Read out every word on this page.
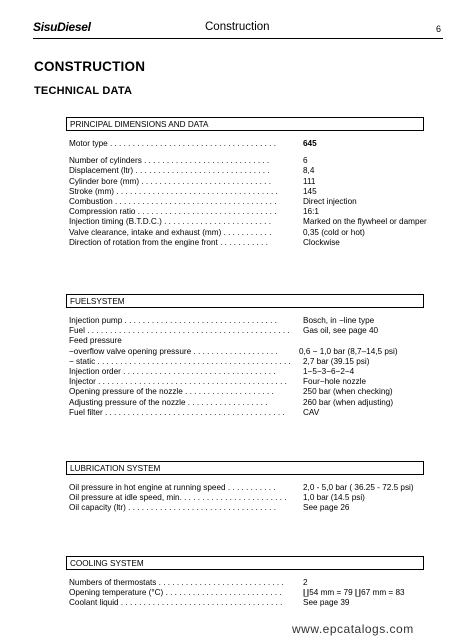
SisuDiesel	Construction	6
CONSTRUCTION
TECHNICAL DATA
PRINCIPAL DIMENSIONS AND DATA
Motor type . . . . . . . . . . . . . . . . . . . . . . . . . . . . . . . . . . . . .	645
Number of cylinders . . . . . . . . . . . . . . . . . . . . . . . . . . . .	6
Displacement (ltr) . . . . . . . . . . . . . . . . . . . . . . . . . . . . . .	8,4
Cylinder bore (mm) . . . . . . . . . . . . . . . . . . . . . . . . . . . . .	111
Stroke (mm) . . . . . . . . . . . . . . . . . . . . . . . . . . . . . . . . . . . .	145
Combustion . . . . . . . . . . . . . . . . . . . . . . . . . . . . . . . . . . . .	Direct injection
Compression ratio . . . . . . . . . . . . . . . . . . . . . . . . . . . . . . .	16:1
Injection timing (B.T.D.C.) . . . . . . . . . . . . . . . . . . . . . . . .	Marked on the flywheel or damper
Valve clearance, intake and exhaust (mm) . . . . . . . . . . .	0,35 (cold or hot)
Direction of rotation from the engine front . . . . . . . . . . .	Clockwise
FUELSYSTEM
Injection pump . . . . . . . . . . . . . . . . . . . . . . . . . . . . . . . . . .	Bosch, in −line type
Fuel . . . . . . . . . . . . . . . . . . . . . . . . . . . . . . . . . . . . . . . . . . . . . Gas oil, see page 40
Feed pressure
−overflow valve opening pressure . . . . . . . . . . . . . . . . . . .	0,6 − 1,0 bar (8,7–14,5 psi)
− static . . . . . . . . . . . . . . . . . . . . . . . . . . . . . . . . . . . . . . . . . . . 2,7 bar (39.15 psi)
Injection order . . . . . . . . . . . . . . . . . . . . . . . . . . . . . . . . . .	1−5−3−6−2−4
Injector . . . . . . . . . . . . . . . . . . . . . . . . . . . . . . . . . . . . . . . . . . Four−hole nozzle
Opening pressure of the nozzle . . . . . . . . . . . . . . . . . . . .	250 bar (when checking)
Adjusting pressure of the nozzle . . . . . . . . . . . . . . . . . .	260 bar (when adjusting)
Fuel filter . . . . . . . . . . . . . . . . . . . . . . . . . . . . . . . . . . . . . . . . CAV
LUBRICATION SYSTEM
Oil pressure in hot engine at running speed . . . . . . . . . . .	2,0 - 5,0 bar ( 36.25 - 72.5 psi)
Oil pressure at idle speed, min. . . . . . . . . . . . . . . . . . . . . . . . 1,0 bar (14.5 psi)
Oil capacity (ltr) . . . . . . . . . . . . . . . . . . . . . . . . . . . . . . . . .	See page 26
COOLING SYSTEM
Numbers of thermostats . . . . . . . . . . . . . . . . . . . . . . . . . . . . 2
Opening temperature (°C) . . . . . . . . . . . . . . . . . . . . . . . . . .	∐54 mm = 79 ∐67 mm = 83
Coolant liquid . . . . . . . . . . . . . . . . . . . . . . . . . . . . . . . . . . . .	See page 39
www.epcatalogs.com
